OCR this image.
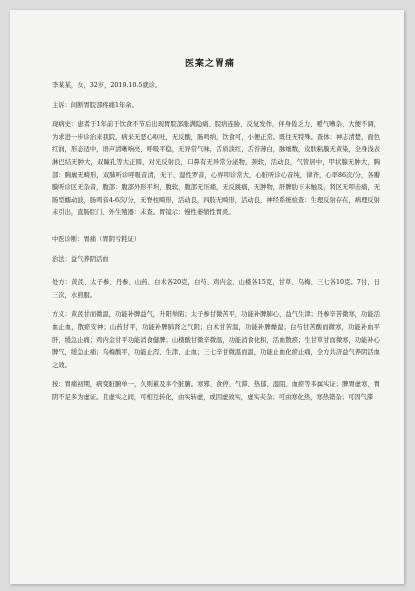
医案之胃痛

李某某，女，32岁，2019.10.5就诊。

主诉：间断胃脘部疼痛1年余。

现病史：患者于1年前于饮食不节后出现胃脘部胀满隐痛、脘痞连胁、反复发作，伴身倦乏力、嗳气嘈杂、大便不调，为求进一步诊治来我院，病来无恶心呕吐，无反酸，肠鸣纳，饮食可，小便正常。既往无特殊。查体：神志清楚，面色红润，形态适中，语声清晰响亮，呼吸平稳，无异常气味，舌质淡红，舌苔薄白，脉细数，皮肤粘膜无黄染，全身浅表淋巴结无肿大，双瞳孔等大正圆，对光反射良，口鼻有无异常分泌物，颈软，活动良，气管居中，甲状腺无肿大，胸部：胸廓无畸形，双肺听诊呼吸音清，无干、湿性罗音，心界叩诊常大，心脏听诊心音纯，律齐，心率86次/分，各瓣膜听诊区无杂音，腹部：腹部外形平坦，腹软，腹部无压痛，无反跳痛，无肿物，肝脾肋下未触及，肾区无叩击痛，无肠型蠕动波，肠鸣音4-6次/分，无脊柱畸形，活动良，四肢无畸形，活动良，神经系统检查：生理反射存在，病理反射未引出，直肠肛门、外生殖器：未查。胃镜示：慢性萎缩性胃炎。

中医诊断：胃痛（胃阴亏耗证）

治法：益气养阴活血

处方：黄芪、太子参、丹参、山药、白术各20克，白芍、鸡内金、山楂各15克，甘草、乌梅、三七各10克。7付，日三次，水煎服。

方义：黄芪甘而微温，功能补脾益气，升阳举陷；太子参甘微苦平，功能补脾肺心，益气生津；丹参辛苦微寒，功能活血止血，散瘀安神；山药甘平，功能补脾肺肾之气阴；白术甘苦温，功能补脾燥湿；白芍甘苦酸而微寒，功能补血平肝，缓急止痛；鸡内金甘平功能消食健脾；山楂酸甘微辛微温，功能消食化积，活血散瘀；生甘草甘而微寒，功能补心脾气，缓急止痛；乌梅酸平，功能止泻、生津、止血；三七辛甘微温而温，功能止血化瘀止痛，全方共济益气养阴活血之效。

按：胃痛初期，病变脏腑单一，久则累及多个脏腑。寒邪、食停、气滞、热郁、湿阻、血瘀等多属实证；脾胃虚寒、胃阴不足多为虚证。且虚实之间，可相互转化，由实转虚，或因虚致实，虚实夹杂；可由寒化热，寒热错杂；可因气滞
